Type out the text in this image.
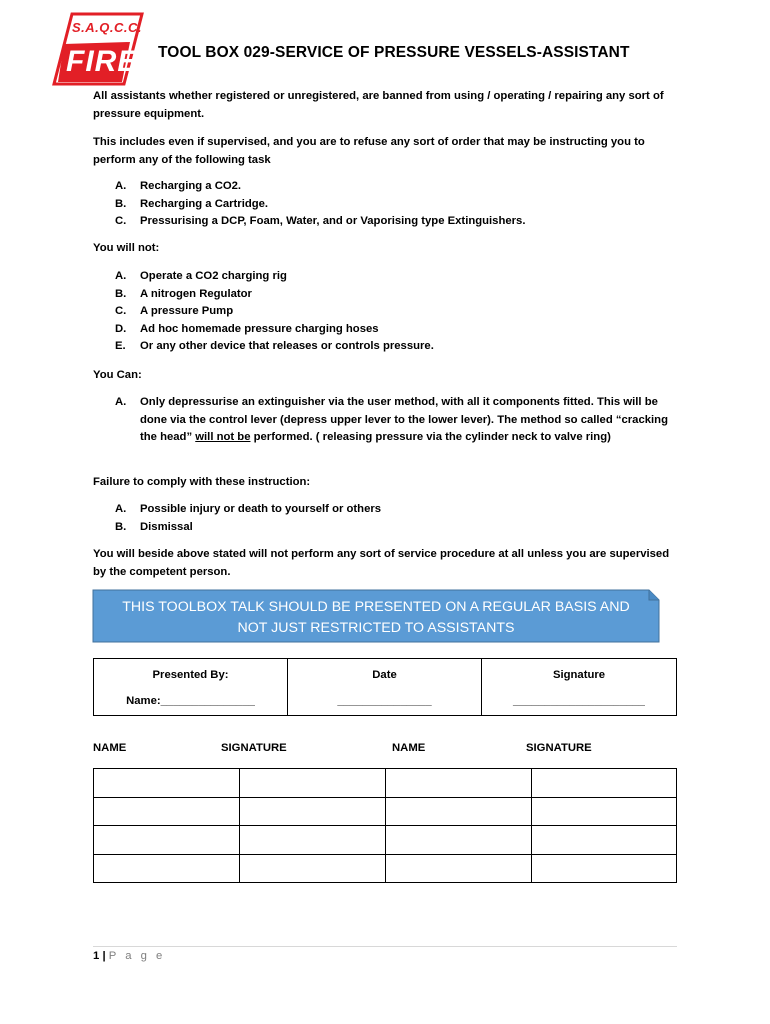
S.A.Q.C.C.
FIRE TOOL BOX 029-SERVICE OF PRESSURE VESSELS-ASSISTANT
All assistants whether registered or unregistered, are banned from using / operating / repairing any sort of pressure equipment.
This includes even if supervised, and you are to refuse any sort of order that may be instructing you to perform any of the following task
A. Recharging a CO2.
B. Recharging a Cartridge.
C. Pressurising a DCP, Foam, Water, and or Vaporising type Extinguishers.
You will not:
A. Operate a CO2 charging rig
B. A nitrogen Regulator
C. A pressure Pump
D. Ad hoc homemade pressure charging hoses
E. Or any other device that releases or controls pressure.
You Can:
A. Only depressurise an extinguisher via the user method, with all it components fitted. This will be done via the control lever (depress upper lever to the lower lever). The method so called “cracking the head” will not be performed. ( releasing pressure via the cylinder neck to valve ring)
Failure to comply with these instruction:
A. Possible injury or death to yourself or others
B. Dismissal
You will beside above stated will not perform any sort of service procedure at all unless you are supervised by the competent person.
THIS TOOLBOX TALK SHOULD BE PRESENTED ON A REGULAR BASIS AND
NOT JUST RESTRICTED TO ASSISTANTS
Presented By:
Name:_______________

Date
_______________

Signature
_____________________
NAME	SIGNATURE	NAME	SIGNATURE

1 | P a g e
